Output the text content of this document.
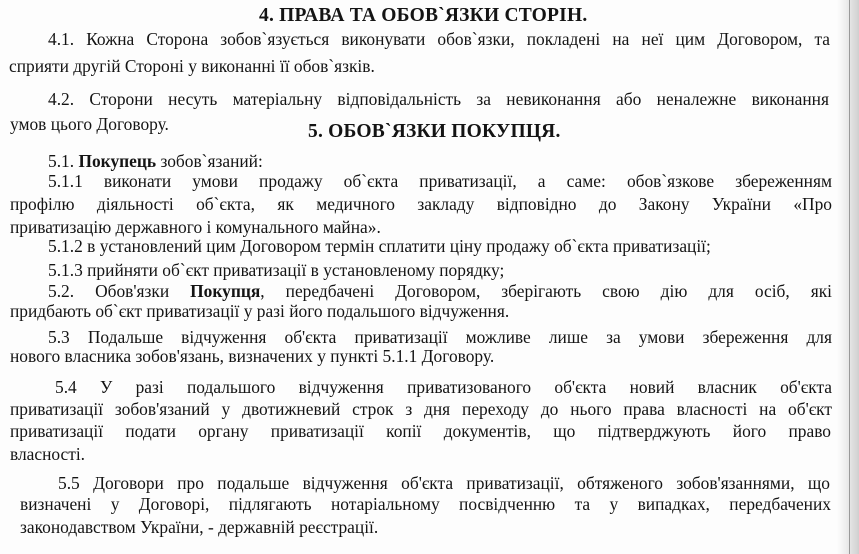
4. ПРАВА ТА ОБОВ`ЯЗКИ СТОРІН.
4.1. Кожна Сторона зобов`язується виконувати обов`язки, покладені на неї цим Договором, та
сприяти другій Стороні у виконанні її обов`язків.
4.2. Сторони несуть матеріальну відповідальність за невиконання або неналежне виконання
умов цього Договору.	5. ОБОВ`ЯЗКИ ПОКУПЦЯ.
5.1. Покупець зобов`язаний:
5.1.1 виконати умови продажу об`єкта приватизації, а саме: обов`язкове збереженням
профілю діяльності об`єкта, як медичного закладу відповідно до Закону України «Про
приватизацію державного і комунального майна».
5.1.2 в установлений цим Договором термін сплатити ціну продажу об`єкта приватизації;
5.1.3 прийняти об`єкт приватизації в установленому порядку;
5.2. Обов'язки Покупця, передбачені Договором, зберігають свою дію для осіб, які
придбають об`єкт приватизації у разі його подальшого відчуження.
5.3 Подальше відчуження об'єкта приватизації можливе лише за умови збереження для
нового власника зобов'язань, визначених у пункті 5.1.1 Договору.
5.4 У разі подальшого відчуження приватизованого об'єкта новий власник об'єкта
приватизації зобов'язаний у двотижневий строк з дня переходу до нього права власності на об'єкт
приватизації подати органу приватизації копії документів, що підтверджують його право
власності.
5.5 Договори про подальше відчуження об'єкта приватизації, обтяженого зобов'язаннями, що
визначені у Договорі, підлягають нотаріальному посвідченню та у випадках, передбачених
законодавством України, - державній реєстрації.
